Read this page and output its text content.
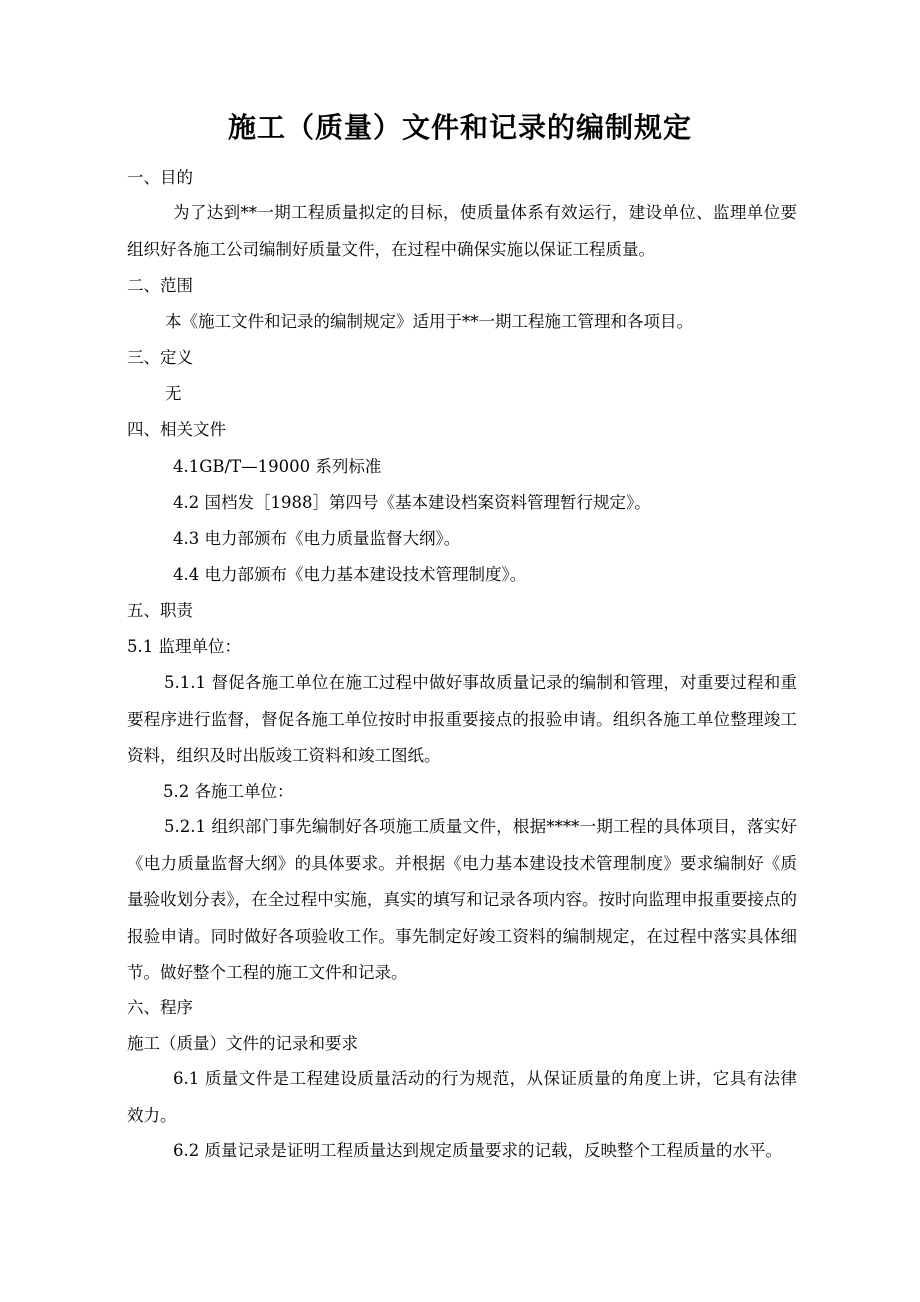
施工（质量）文件和记录的编制规定
一、目的
为了达到**一期工程质量拟定的目标，使质量体系有效运行，建设单位、监理单位要组织好各施工公司编制好质量文件，在过程中确保实施以保证工程质量。
二、范围
本《施工文件和记录的编制规定》适用于**一期工程施工管理和各项目。
三、定义
无
四、相关文件
4.1GB/T—19000 系列标准
4.2 国档发［1988］第四号《基本建设档案资料管理暂行规定》。
4.3 电力部颁布《电力质量监督大纲》。
4.4 电力部颁布《电力基本建设技术管理制度》。
五、职责
5.1 监理单位：
5.1.1 督促各施工单位在施工过程中做好事故质量记录的编制和管理，对重要过程和重要程序进行监督，督促各施工单位按时申报重要接点的报验申请。组织各施工单位整理竣工资料，组织及时出版竣工资料和竣工图纸。
5.2 各施工单位：
5.2.1 组织部门事先编制好各项施工质量文件，根据****一期工程的具体项目，落实好《电力质量监督大纲》的具体要求。并根据《电力基本建设技术管理制度》要求编制好《质量验收划分表》，在全过程中实施，真实的填写和记录各项内容。按时向监理申报重要接点的报验申请。同时做好各项验收工作。事先制定好竣工资料的编制规定，在过程中落实具体细节。做好整个工程的施工文件和记录。
六、程序
施工（质量）文件的记录和要求
6.1 质量文件是工程建设质量活动的行为规范，从保证质量的角度上讲，它具有法律效力。
6.2 质量记录是证明工程质量达到规定质量要求的记载，反映整个工程质量的水平。
